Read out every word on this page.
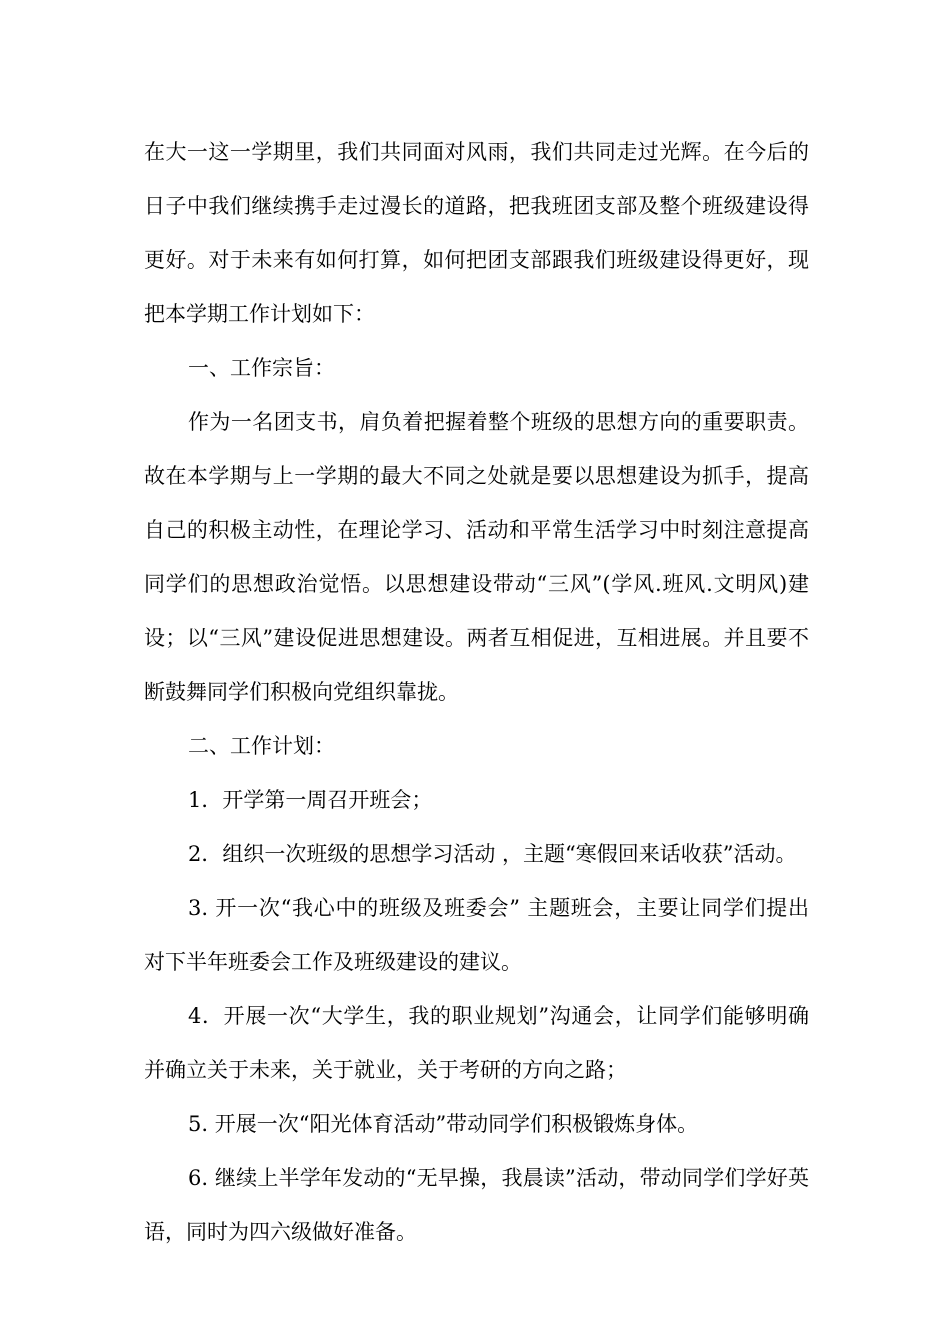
在大一这一学期里，我们共同面对风雨，我们共同走过光辉。在今后的日子中我们继续携手走过漫长的道路，把我班团支部及整个班级建设得更好。对于未来有如何打算，如何把团支部跟我们班级建设得更好，现把本学期工作计划如下：

一、工作宗旨：

作为一名团支书，肩负着把握着整个班级的思想方向的重要职责。故在本学期与上一学期的最大不同之处就是要以思想建设为抓手，提高自己的积极主动性，在理论学习、活动和平常生活学习中时刻注意提高同学们的思想政治觉悟。以思想建设带动“三风”(学风.班风.文明风)建设；以“三风”建设促进思想建设。两者互相促进，互相进展。并且要不断鼓舞同学们积极向党组织靠拢。

二、工作计划：

1．开学第一周召开班会；

2．组织一次班级的思想学习活动 ，主题“寒假回来话收获”活动。

3. 开一次“我心中的班级及班委会” 主题班会，主要让同学们提出对下半年班委会工作及班级建设的建议。

4．开展一次“大学生，我的职业规划”沟通会，让同学们能够明确并确立关于未来，关于就业，关于考研的方向之路；

5. 开展一次“阳光体育活动”带动同学们积极锻炼身体。

6. 继续上半学年发动的“无早操，我晨读”活动，带动同学们学好英语，同时为四六级做好准备。
